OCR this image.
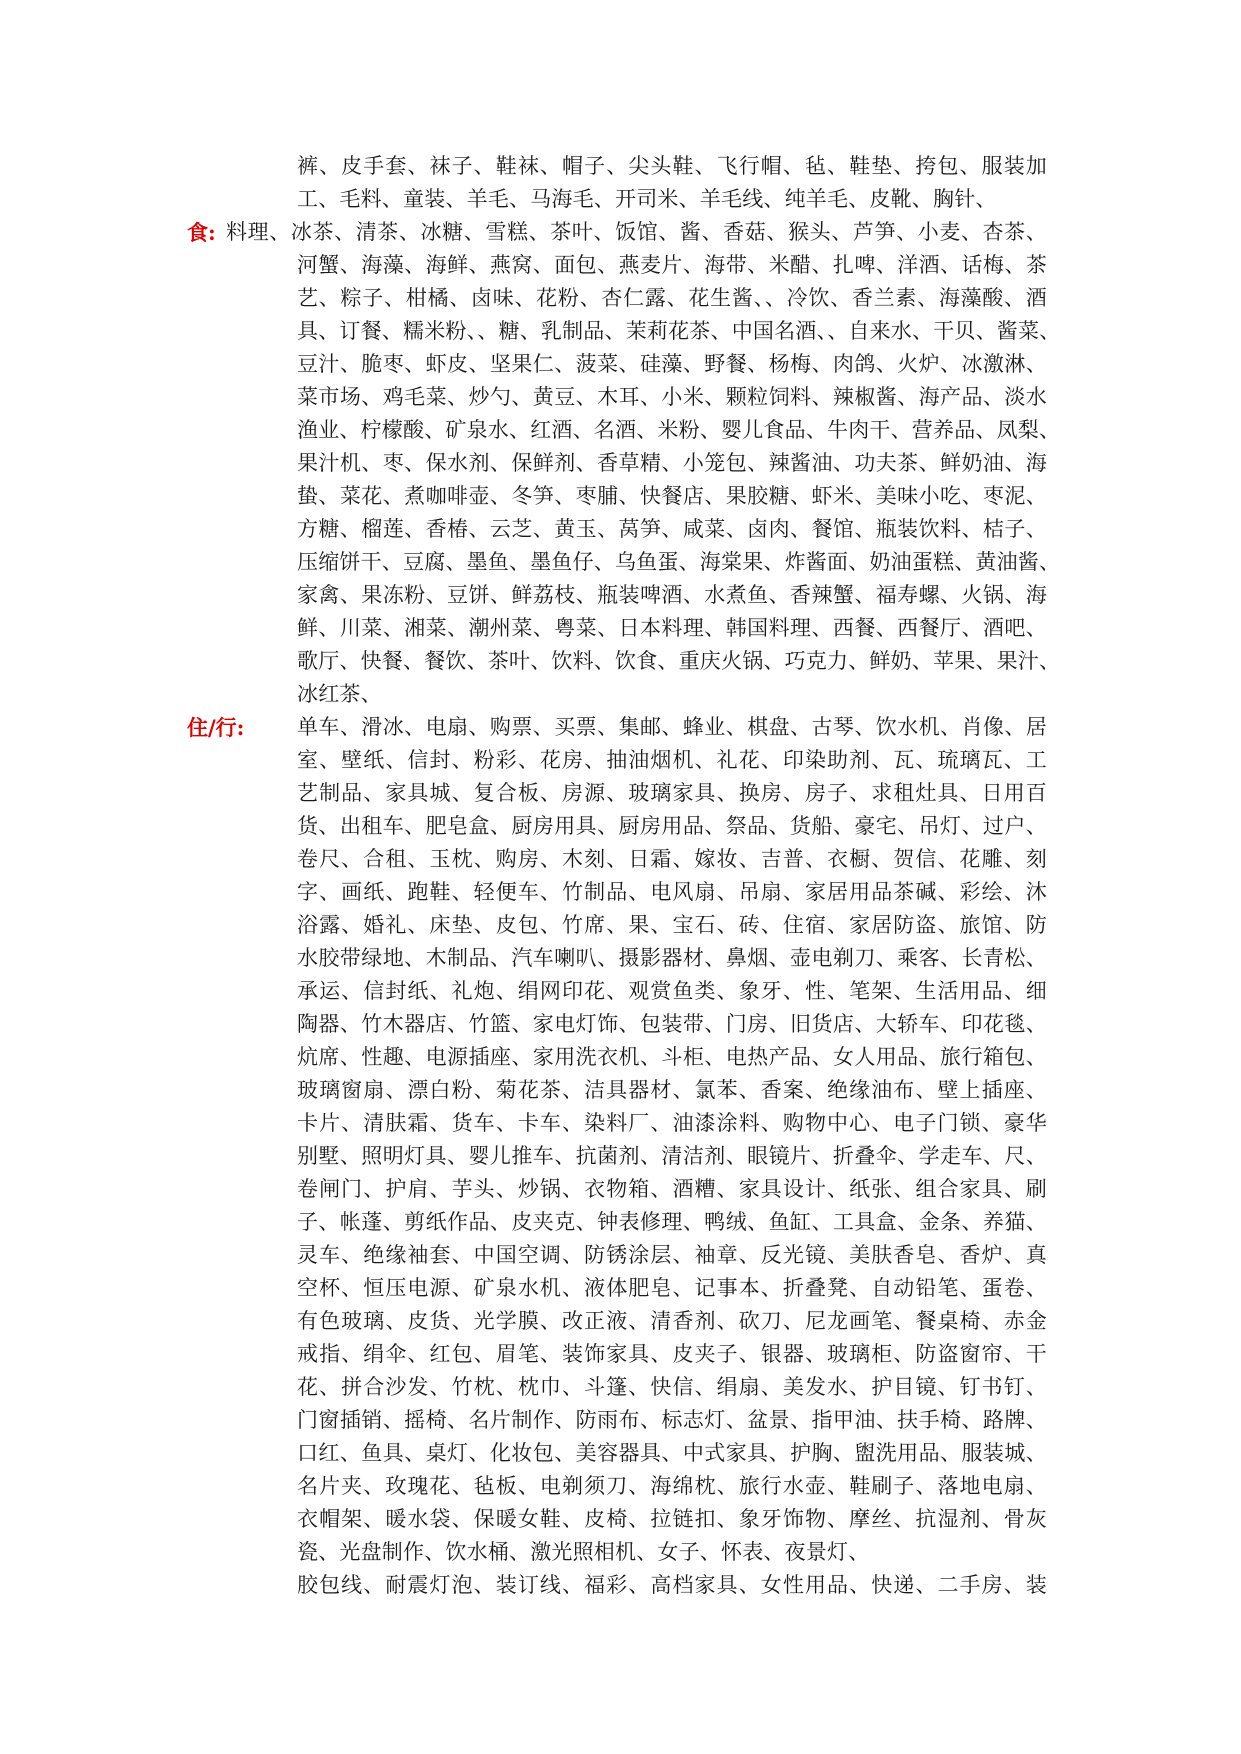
裤、皮手套、袜子、鞋袜、帽子、尖头鞋、飞行帽、毡、鞋垫、挎包、服装加
工、毛料、童装、羊毛、马海毛、开司米、羊毛线、纯羊毛、皮靴、胸针、
食: 料理、冰茶、清茶、冰糖、雪糕、茶叶、饭馆、酱、香菇、猴头、芦笋、小麦、杏茶、
河蟹、海藻、海鲜、燕窝、面包、燕麦片、海带、米醋、扎啤、洋酒、话梅、茶
艺、粽子、柑橘、卤味、花粉、杏仁露、花生酱、、冷饮、香兰素、海藻酸、酒
具、订餐、糯米粉、、糖、乳制品、茉莉花茶、中国名酒、、自来水、干贝、酱菜、
豆汁、脆枣、虾皮、坚果仁、菠菜、硅藻、野餐、杨梅、肉鸽、火炉、冰激淋、
菜市场、鸡毛菜、炒勺、黄豆、木耳、小米、颗粒饲料、辣椒酱、海产品、淡水
渔业、柠檬酸、矿泉水、红酒、名酒、米粉、婴儿食品、牛肉干、营养品、凤梨、
果汁机、枣、保水剂、保鲜剂、香草精、小笼包、辣酱油、功夫茶、鲜奶油、海
蛰、菜花、煮咖啡壶、冬笋、枣脯、快餐店、果胶糖、虾米、美味小吃、枣泥、
方糖、榴莲、香椿、云芝、黄玉、莴笋、咸菜、卤肉、餐馆、瓶装饮料、桔子、
压缩饼干、豆腐、墨鱼、墨鱼仔、乌鱼蛋、海棠果、炸酱面、奶油蛋糕、黄油酱、
家禽、果冻粉、豆饼、鲜荔枝、瓶装啤酒、水煮鱼、香辣蟹、福寿螺、火锅、海
鲜、川菜、湘菜、潮州菜、粤菜、日本料理、韩国料理、西餐、西餐厅、酒吧、
歌厅、快餐、餐饮、茶叶、饮料、饮食、重庆火锅、巧克力、鲜奶、苹果、果汁、
冰红茶、
住/行:	单车、滑冰、电扇、购票、买票、集邮、蜂业、棋盘、古琴、饮水机、肖像、居
室、壁纸、信封、粉彩、花房、抽油烟机、礼花、印染助剂、瓦、琉璃瓦、工
艺制品、家具城、复合板、房源、玻璃家具、换房、房子、求租灶具、日用百
货、出租车、肥皂盒、厨房用具、厨房用品、祭品、货船、豪宅、吊灯、过户、
卷尺、合租、玉枕、购房、木刻、日霜、嫁妆、吉普、衣橱、贺信、花雕、刻
字、画纸、跑鞋、轻便车、竹制品、电风扇、吊扇、家居用品茶碱、彩绘、沐
浴露、婚礼、床垫、皮包、竹席、果、宝石、砖、住宿、家居防盗、旅馆、防
水胶带绿地、木制品、汽车喇叭、摄影器材、鼻烟、壶电剃刀、乘客、长青松、
承运、信封纸、礼炮、绢网印花、观赏鱼类、象牙、性、笔架、生活用品、细
陶器、竹木器店、竹篮、家电灯饰、包装带、门房、旧货店、大轿车、印花毯、
炕席、性趣、电源插座、家用洗衣机、斗柜、电热产品、女人用品、旅行箱包、
玻璃窗扇、漂白粉、菊花茶、洁具器材、氯苯、香案、绝缘油布、壁上插座、
卡片、清肤霜、货车、卡车、染料厂、油漆涂料、购物中心、电子门锁、豪华
别墅、照明灯具、婴儿推车、抗菌剂、清洁剂、眼镜片、折叠伞、学走车、尺、
卷闸门、护肩、芋头、炒锅、衣物箱、酒糟、家具设计、纸张、组合家具、刷
子、帐蓬、剪纸作品、皮夹克、钟表修理、鸭绒、鱼缸、工具盒、金条、养猫、
灵车、绝缘袖套、中国空调、防锈涂层、袖章、反光镜、美肤香皂、香炉、真
空杯、恒压电源、矿泉水机、液体肥皂、记事本、折叠凳、自动铅笔、蛋卷、
有色玻璃、皮货、光学膜、改正液、清香剂、砍刀、尼龙画笔、餐桌椅、赤金
戒指、绢伞、红包、眉笔、装饰家具、皮夹子、银器、玻璃柜、防盗窗帘、干
花、拼合沙发、竹枕、枕巾、斗篷、快信、绢扇、美发水、护目镜、钉书钉、
门窗插销、摇椅、名片制作、防雨布、标志灯、盆景、指甲油、扶手椅、路牌、
口红、鱼具、桌灯、化妆包、美容器具、中式家具、护胸、盥洗用品、服装城、
名片夹、玫瑰花、毡板、电剃须刀、海绵枕、旅行水壶、鞋刷子、落地电扇、
衣帽架、暖水袋、保暖女鞋、皮椅、拉链扣、象牙饰物、摩丝、抗湿剂、骨灰
瓷、光盘制作、饮水桶、激光照相机、女子、怀表、夜景灯、
胶包线、耐震灯泡、装订线、福彩、高档家具、女性用品、快递、二手房、装
